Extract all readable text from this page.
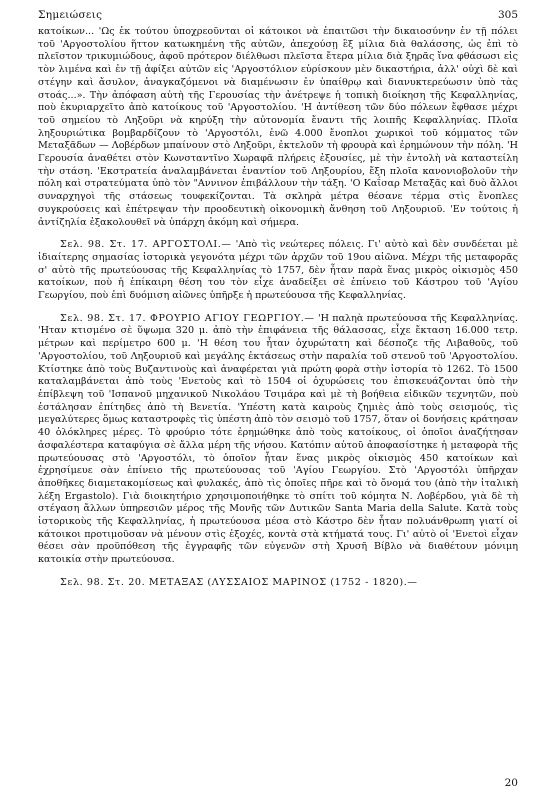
Σημειώσεις	305

κατοίκων... 'Ως ἐκ τούτου ὑποχρεοῦνται οἱ κάτοικοι νὰ ἐπαιτῶσι τὴν δικαιοσύνην ἐν τῇ πόλει τοῦ 'Αργοστολίου ἥττον κατωκημένη τῆς αὐτῶν, ἀπεχούσῃ ἓξ μίλια διὰ θαλάσσης, ὡς ἐπὶ τὸ πλεῖστον τρικυμιώδους, ἀφοῦ πρότερον διέλθωσι πλεῖστα ἔτερα μίλια διὰ ξηρᾶς ἵνα φθάσωσι εἰς τὸν λιμένα καὶ ἐν τῇ ἀφίξει αὐτῶν εἰς 'Αργοστόλιον εὑρίσκουν μὲν δικαστήρια, ἀλλ' οὐχὶ δὲ καὶ στέγην καὶ ἄσυλον, ἀναγκαζόμενοι νὰ διαμένωσιν ἐν ὑπαίθρῳ καὶ διανυκτερεύωσιν ὑπὸ τὰς στοάς...». Τὴν ἀπόφαση αὐτὴ τῆς Γερουσίας τὴν ἀνέτρεψε ἡ τοπικὴ διοίκηση τῆς Κεφαλληνίας, ποὺ ἐκυριαρχεῖτο ἀπὸ κατοίκους τοῦ 'Αργοστολίου. 'Η ἀντίθεση τῶν δύο πόλεων ἔφθασε μέχρι τοῦ σημείου τὸ Ληξοῦρι νὰ κηρύξη τὴν αὐτονομία ἔναντι τῆς λοιπῆς Κεφαλληνίας. Πλοῖα ληξουριώτικα βομβαρδίζουν τὸ 'Αργοστόλι, ἐνῶ 4.000 ἔνοπλοι χωρικοὶ τοῦ κόμματος τῶν Μεταξᾶδων — Λοβέρδων μπαίνουν στὸ Ληξοῦρι, ἐκτελοῦν τὴ φρουρὰ καὶ ἐρημώνουν τὴν πόλη. 'Η Γερουσία ἀναθέτει στὸν Κωνσταντῖνο Χωραφᾶ πλήρεις ἐξουσίες, μὲ τὴν ἐντολὴ νὰ καταστείλη τὴν στάση. 'Εκστρατεία ἀναλαμβάνεται ἐναντίον τοῦ Ληξουρίου, ἔξη πλοῖα κανονιοβολοῦν τὴν πόλη καὶ στρατεύματα ὑπὸ τὸν "Αννινον ἐπιβάλλουν τὴν τάξη. 'Ο Καΐσαρ Μεταξᾶς καὶ δυὸ ἄλλοι συναρχηγοὶ τῆς στάσεως τουφεκίζονται. Τὰ σκληρὰ μέτρα θέσανε τέρμα στὶς ἔνοπλες συγκρούσεις καὶ ἐπέτρεψαν τὴν προοδευτικὴ οἰκονομικὴ ἄνθηση τοῦ Ληξουριοῦ. 'Εν τούτοις ἡ ἀντίζηλία ἐξακολουθεῖ νὰ ὑπάρχη ἀκόμη καὶ σήμερα.

Σελ. 98. Στ. 17. ΑΡΓΟΣΤΟΛΙ.— 'Απὸ τὶς νεώτερες πόλεις. Γι' αὐτὸ καὶ δὲν συνδέεται μὲ ἰδιαίτερης σημασίας ἱστορικὰ γεγονότα μέχρι τῶν ἀρχῶν τοῦ 19ου αἰῶνα. Μέχρι τῆς μεταφορᾶς σ' αὐτὸ τῆς πρωτεύουσας τῆς Κεφαλληνίας τὸ 1757, δὲν ἦταν παρὰ ἕνας μικρὸς οἰκισμὸς 450 κατοίκων, ποὺ ἡ ἐπίκαιρη θέση του τὸν εἶχε ἀναδείξει σὲ ἐπίνειο τοῦ Κάστρου τοῦ 'Αγίου Γεωργίου, ποὺ ἐπὶ δυόμιση αἰῶνες ὑπῆρξε ἡ πρωτεύουσα τῆς Κεφαλληνίας.

Σελ. 98. Στ. 17. ΦΡΟΥΡΙΟ ΑΓΙΟΥ ΓΕΩΡΓΙΟΥ.— 'Η παληὰ πρωτεύουσα τῆς Κεφαλληνίας. 'Ηταν κτισμένο σὲ ὕψωμα 320 μ. ἀπὸ τὴν ἐπιφάνεια τῆς θάλασσας, εἶχε ἔκταση 16.000 τετρ. μέτρων καὶ περίμετρο 600 μ. 'Η θέση του ἦταν ὀχυρώτατη καὶ δέσποζε τῆς Λιβαθοῦς, τοῦ 'Αργοστολίου, τοῦ Ληξουριοῦ καὶ μεγάλης ἐκτάσεως στὴν παραλία τοῦ στενοῦ τοῦ 'Αργοστολίου. Κτίστηκε ἀπὸ τοὺς Βυζαντινοὺς καὶ ἀναφέρεται γιὰ πρώτη φορὰ στὴν ἱστορία τὸ 1262. Τὸ 1500 καταλαμβάνεται ἀπὸ τοὺς 'Ενετοὺς καὶ τὸ 1504 οἱ ὀχυρώσεις του ἐπισκευάζονται ὑπὸ τὴν ἐπίβλεψη τοῦ 'Ισπανοῦ μηχανικοῦ Νικολάου Τσιμάρα καὶ μὲ τὴ βοήθεια εἰδικῶν τεχνητῶν, ποὺ ἐστάλησαν ἐπίτηδες ἀπὸ τὴ Βενετία. 'Υπέστη κατὰ καιροὺς ζημιὲς ἀπὸ τοὺς σεισμούς, τὶς μεγαλύτερες ὅμως καταστροφὲς τὶς ὑπέστη ἀπὸ τὸν σεισμὸ τοῦ 1757, ὅταν οἱ δονήσεις κράτησαν 40 ὁλόκληρες μέρες. Τὸ φρούριο τότε ἐρημώθηκε ἀπὸ τοὺς κατοίκους, οἱ ὁποῖοι ἀναζήτησαν ἀσφαλέστερα καταφύγια σὲ ἄλλα μέρη τῆς νήσου. Κατόπιν αὐτοῦ ἀποφασίστηκε ἡ μεταφορὰ τῆς πρωτεύουσας στὸ 'Αργοστόλι, τὸ ὁποῖον ἦταν ἕνας μικρὸς οἰκισμὸς 450 κατοίκων καὶ ἐχρησίμευε σὰν ἐπίνειο τῆς πρωτεύουσας τοῦ 'Αγίου Γεωργίου. Στὸ 'Αργοστόλι ὑπῆρχαν ἀποθῆκες διαμετακομίσεως καὶ φυλακές, ἀπὸ τὶς ὁποῖες πῆρε καὶ τὸ ὄνομά του (ἀπὸ τὴν ἰταλικὴ λέξη Ergastolo). Γιὰ διοικητήριο χρησιμοποιήθηκε τὸ σπίτι τοῦ κόμητα Ν. Λοβέρδου, γιὰ δὲ τὴ στέγαση ἄλλων ὑπηρεσιῶν μέρος τῆς Μονῆς τῶν Δυτικῶν Santa Maria della Salute. Κατὰ τοὺς ἱστορικοὺς τῆς Κεφαλληνίας, ἡ πρωτεύουσα μέσα στὸ Κάστρο δὲν ἦταν πολυάνθρωπη γιατί οἱ κάτοικοι προτιμοῦσαν νὰ μένουν στὶς ἐξοχές, κοντὰ στὰ κτήματά τους. Γι' αὐτὸ οἱ 'Ενετοὶ εἶχαν θέσει σὰν προϋπόθεση τῆς ἐγγραφῆς τῶν εὐγενῶν στὴ Χρυσῆ Βίβλο νὰ διαθέτουν μόνιμη κατοικία στὴν πρωτεύουσα.

Σελ. 98. Στ. 20. ΜΕΤΑΞΑΣ (ΛΥΣΣΑΙΟΣ ΜΑΡΙΝΟΣ (1752 - 1820).—

20
